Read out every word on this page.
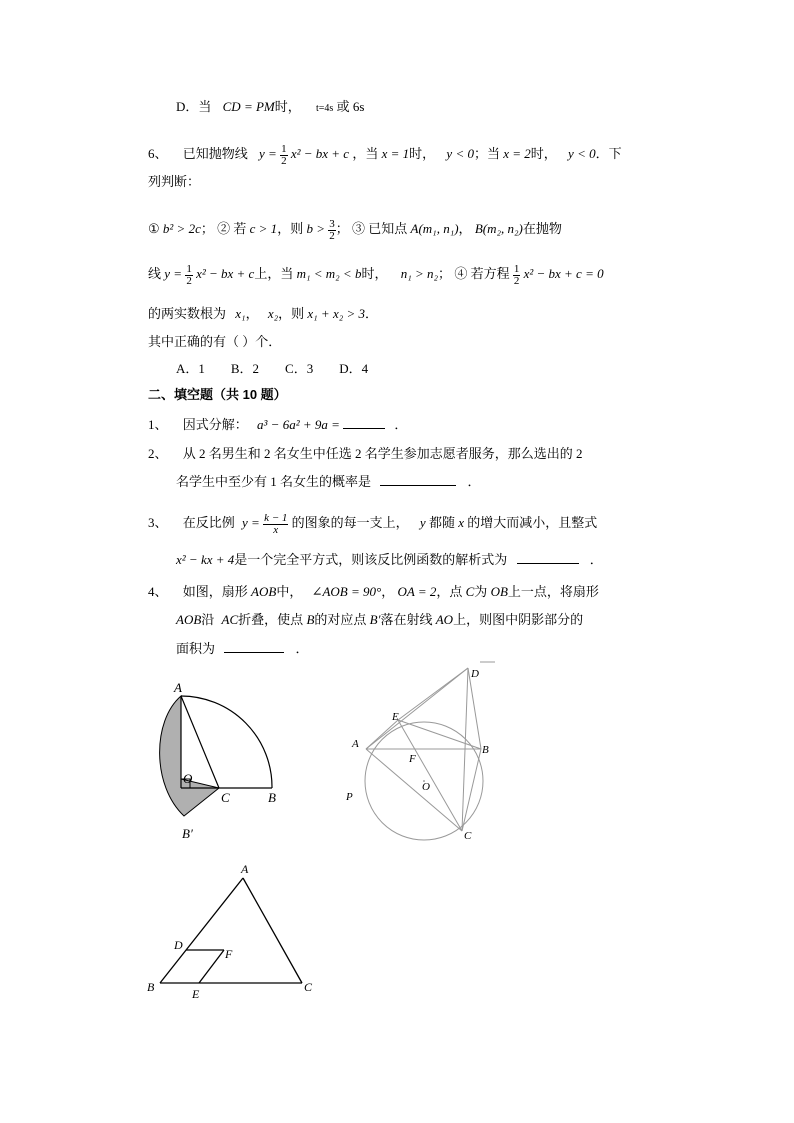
D．当 CD = PM时， t=4s 或 6s
6、 已知抛物线 $y = \frac{1}{2} x^2$ − bx + c ，当 x = 1时， y < 0；当 x = 2时， y < 0．下
列判断：
① b² > 2c； ② 若 c > 1，则 $b > \frac{3}{2}$ ； ③ 已知点 A(m₁, n₁)， B(m₂, n₂)在抛物
线 $y = \frac{1}{2} x^2$ − bx + c上，当 m₁ < m₂ < b时， n₁ > n₂； ④ 若方程 $\frac{1}{2} x^2$ − bx + c = 0
的两实数根为 x₁， x₂，则 x₁ + x₂ > 3．
其中正确的有（ ）个．
A．1　　B．2　　C．3　　D．4
二、填空题（共 10 题）
1、 因式分解： a³ − 6a² + 9a =	．
2、 从 2 名男生和 2 名女生中任选 2 名学生参加志愿者服务，那么选出的 2
名学生中至少有 1 名女生的概率是	．
3、 在反比例 $y = \frac{k - 1}{x}$ 的图象的每一支上， y 都随 x 的增大而减小，且整式
x² − kx + 4是一个完全平方式，则该反比例函数的解析式为	．
4、 如图，扇形 AOB中， ∠AOB = 90°， OA = 2，点 C为 OB上一点，将扇形
AOB沿 AC折叠，使点 B的对应点 B′落在射线 AO上，则图中阴影部分的
面积为	．
A
O
C	B
B′
D
E
A	B
F
O
P
C
A
D
F
B	E	C
